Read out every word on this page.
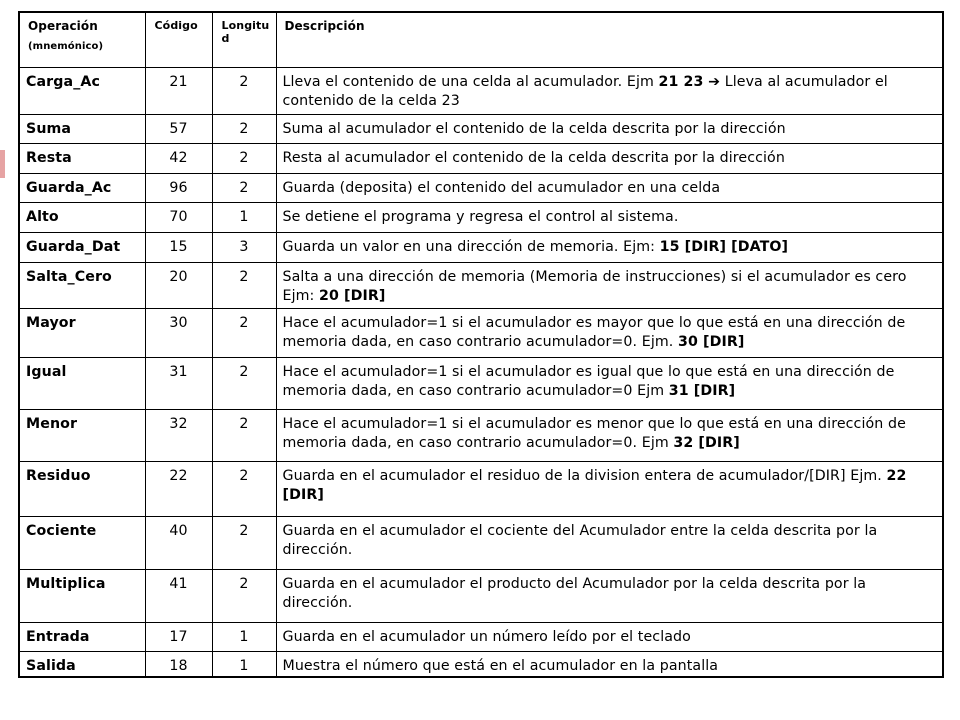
Operación
(mnemónico)	Código	Longitud	Descripción
Carga_Ac	21	2	Lleva el contenido de una celda al acumulador. Ejm 21 23 ➔ Lleva al acumulador el contenido de la celda 23
Suma	57	2	Suma al acumulador el contenido de la celda descrita por la dirección
Resta	42	2	Resta al acumulador el contenido de la celda descrita por la dirección
Guarda_Ac	96	2	Guarda (deposita) el contenido del acumulador en una celda
Alto	70	1	Se detiene el programa y regresa el control al sistema.
Guarda_Dat	15	3	Guarda un valor en una dirección de memoria. Ejm: 15 [DIR] [DATO]
Salta_Cero	20	2	Salta a una dirección de memoria (Memoria de instrucciones) si el acumulador es cero Ejm: 20 [DIR]
Mayor	30	2	Hace el acumulador=1 si el acumulador es mayor que lo que está en una dirección de memoria dada, en caso contrario acumulador=0. Ejm. 30 [DIR]
Igual	31	2	Hace el acumulador=1 si el acumulador es igual que lo que está en una dirección de memoria dada, en caso contrario acumulador=0 Ejm 31 [DIR]
Menor	32	2	Hace el acumulador=1 si el acumulador es menor que lo que está en una dirección de memoria dada, en caso contrario acumulador=0. Ejm 32 [DIR]
Residuo	22	2	Guarda en el acumulador el residuo de la division entera de acumulador/[DIR] Ejm. 22 [DIR]
Cociente	40	2	Guarda en el acumulador el cociente del Acumulador entre la celda descrita por la dirección.
Multiplica	41	2	Guarda en el acumulador el producto del Acumulador por la celda descrita por la dirección.
Entrada	17	1	Guarda en el acumulador un número leído por el teclado
Salida	18	1	Muestra el número que está en el acumulador en la pantalla
